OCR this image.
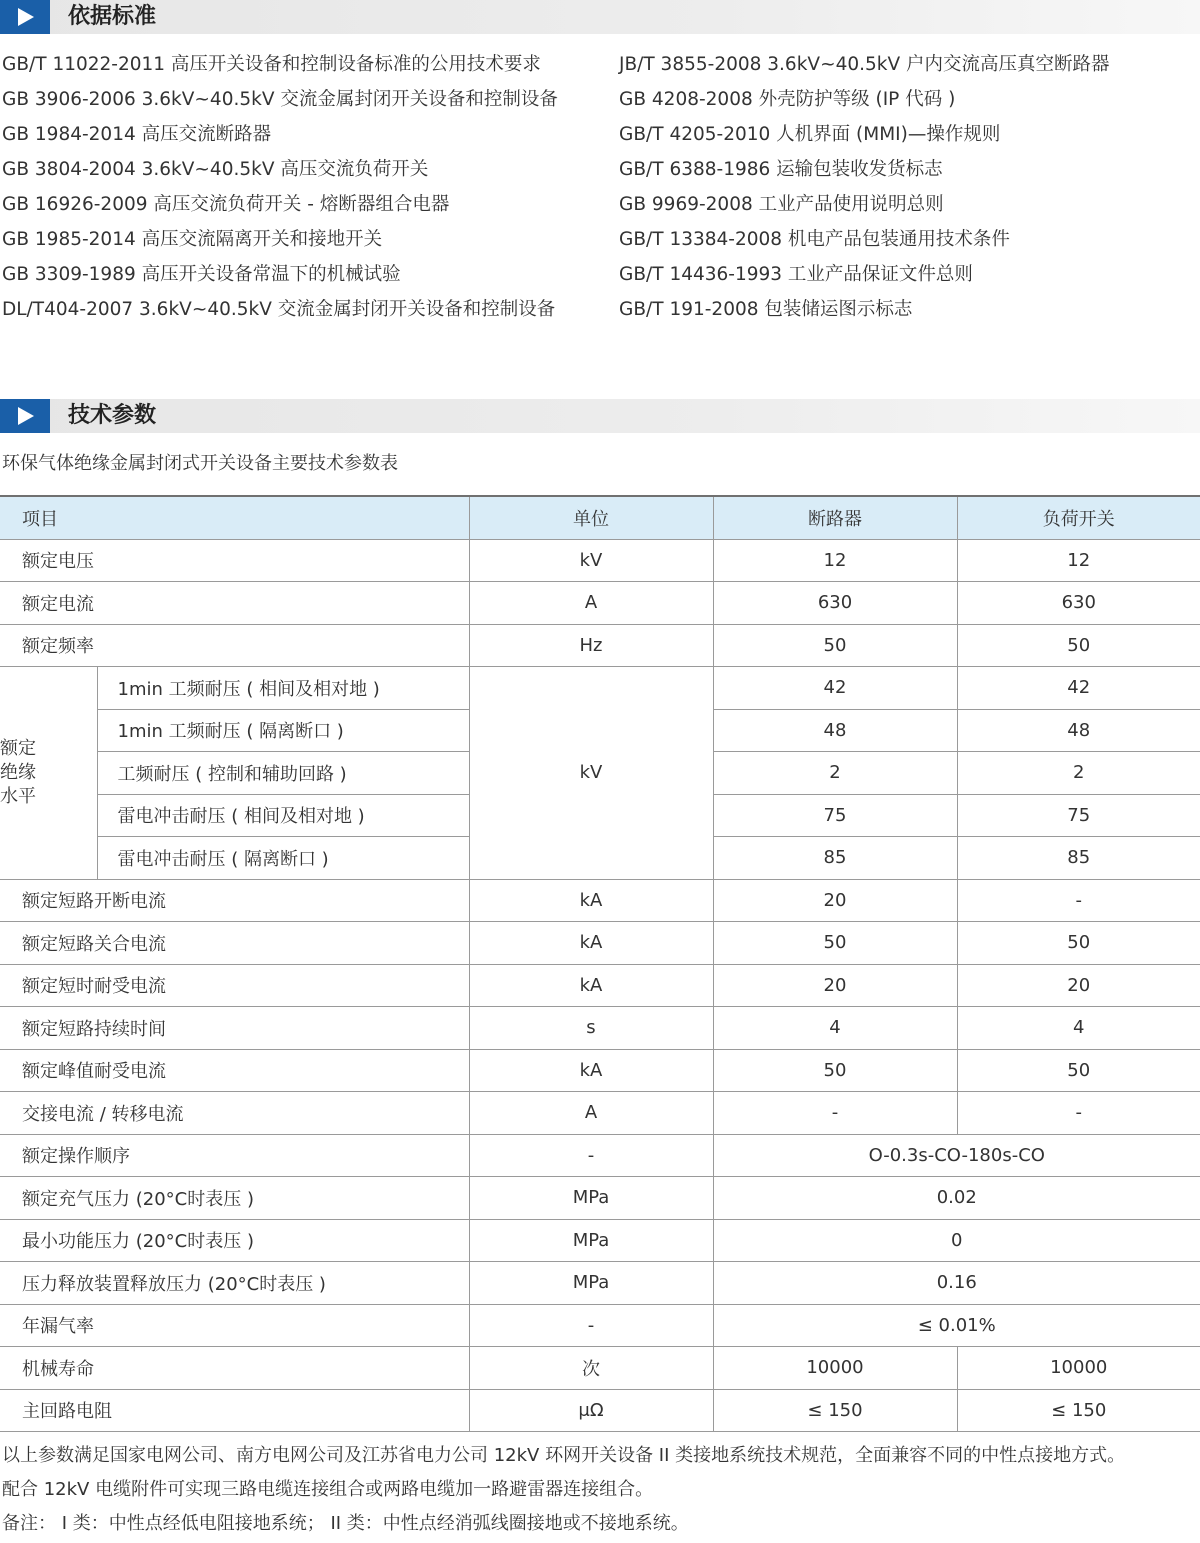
依据标准
GB/T 11022-2011 高压开关设备和控制设备标准的公用技术要求
GB 3906-2006 3.6kV~40.5kV 交流金属封闭开关设备和控制设备
GB 1984-2014 高压交流断路器
GB 3804-2004 3.6kV~40.5kV 高压交流负荷开关
GB 16926-2009 高压交流负荷开关 - 熔断器组合电器
GB 1985-2014 高压交流隔离开关和接地开关
GB 3309-1989 高压开关设备常温下的机械试验
DL/T404-2007 3.6kV~40.5kV 交流金属封闭开关设备和控制设备
JB/T 3855-2008 3.6kV~40.5kV 户内交流高压真空断路器
GB 4208-2008 外壳防护等级 (IP 代码 )
GB/T 4205-2010 人机界面 (MMI)—操作规则
GB/T 6388-1986 运输包装收发货标志
GB 9969-2008 工业产品使用说明总则
GB/T 13384-2008 机电产品包装通用技术条件
GB/T 14436-1993 工业产品保证文件总则
GB/T 191-2008 包装储运图示标志
技术参数
环保气体绝缘金属封闭式开关设备主要技术参数表
项目		单位	断路器	负荷开关
额定电压		kV	12	12
额定电流		A	630	630
额定频率		Hz	50	50

额定
绝缘
水平	1min 工频耐压 ( 相间及相对地 )	kV	42	42
	1min 工频耐压 ( 隔离断口 )		48	48
	工频耐压 ( 控制和辅助回路 )		2	2
	雷电冲击耐压 ( 相间及相对地 )		75	75
	雷电冲击耐压 ( 隔离断口 )		85	85
额定短路开断电流		kA	20	-
额定短路关合电流		kA	50	50
额定短时耐受电流		kA	20	20
额定短路持续时间		s	4	4
额定峰值耐受电流		kA	50	50
交接电流 / 转移电流		A	-	-
额定操作顺序		-	O-0.3s-CO-180s-CO	
额定充气压力 (20°C时表压 )		MPa	0.02	
最小功能压力 (20°C时表压 )		MPa	0	
压力释放装置释放压力 (20°C时表压 )		MPa	0.16	
年漏气率		-	≤ 0.01%	
机械寿命		次	10000	10000
主回路电阻		μΩ	≤ 150	≤ 150
以上参数满足国家电网公司、南方电网公司及江苏省电力公司 12kV 环网开关设备 II 类接地系统技术规范，全面兼容不同的中性点接地方式。
配合 12kV 电缆附件可实现三路电缆连接组合或两路电缆加一路避雷器连接组合。
备注： I 类：中性点经低电阻接地系统； II 类：中性点经消弧线圈接地或不接地系统。
